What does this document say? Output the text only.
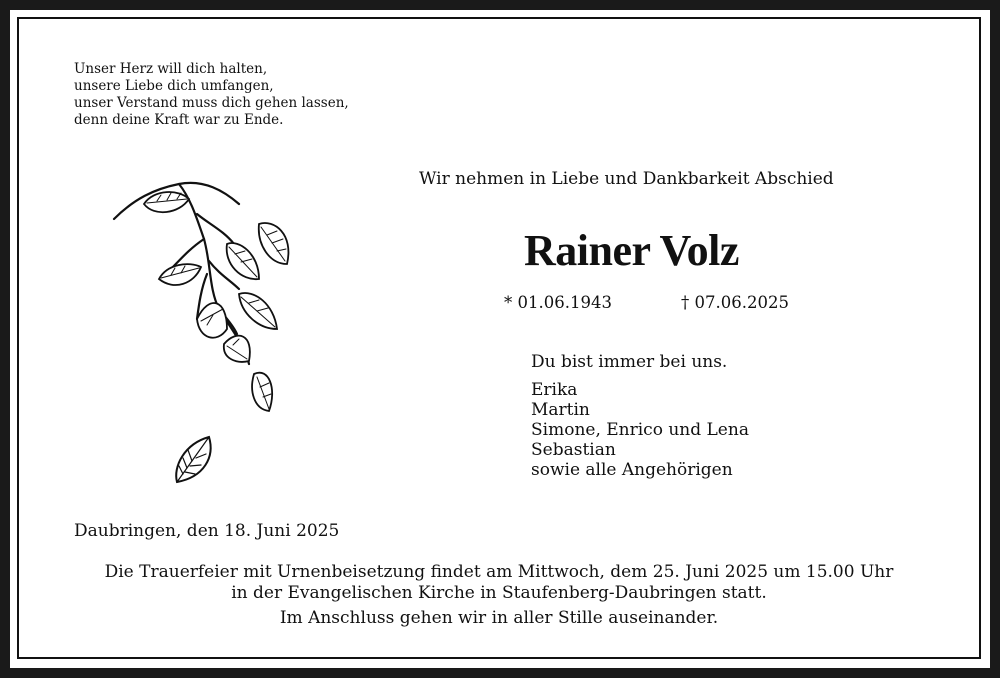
Unser Herz will dich halten,
unsere Liebe dich umfangen,
unser Verstand muss dich gehen lassen,
denn deine Kraft war zu Ende.
Wir nehmen in Liebe und Dankbarkeit Abschied
Rainer Volz
* 01.06.1943	† 07.06.2025
Du bist immer bei uns.
Erika
Martin
Simone, Enrico und Lena
Sebastian
sowie alle Angehörigen
Daubringen, den 18. Juni 2025
Die Trauerfeier mit Urnenbeisetzung findet am Mittwoch, dem 25. Juni 2025 um 15.00 Uhr
in der Evangelischen Kirche in Staufenberg-Daubringen statt.
Im Anschluss gehen wir in aller Stille auseinander.
